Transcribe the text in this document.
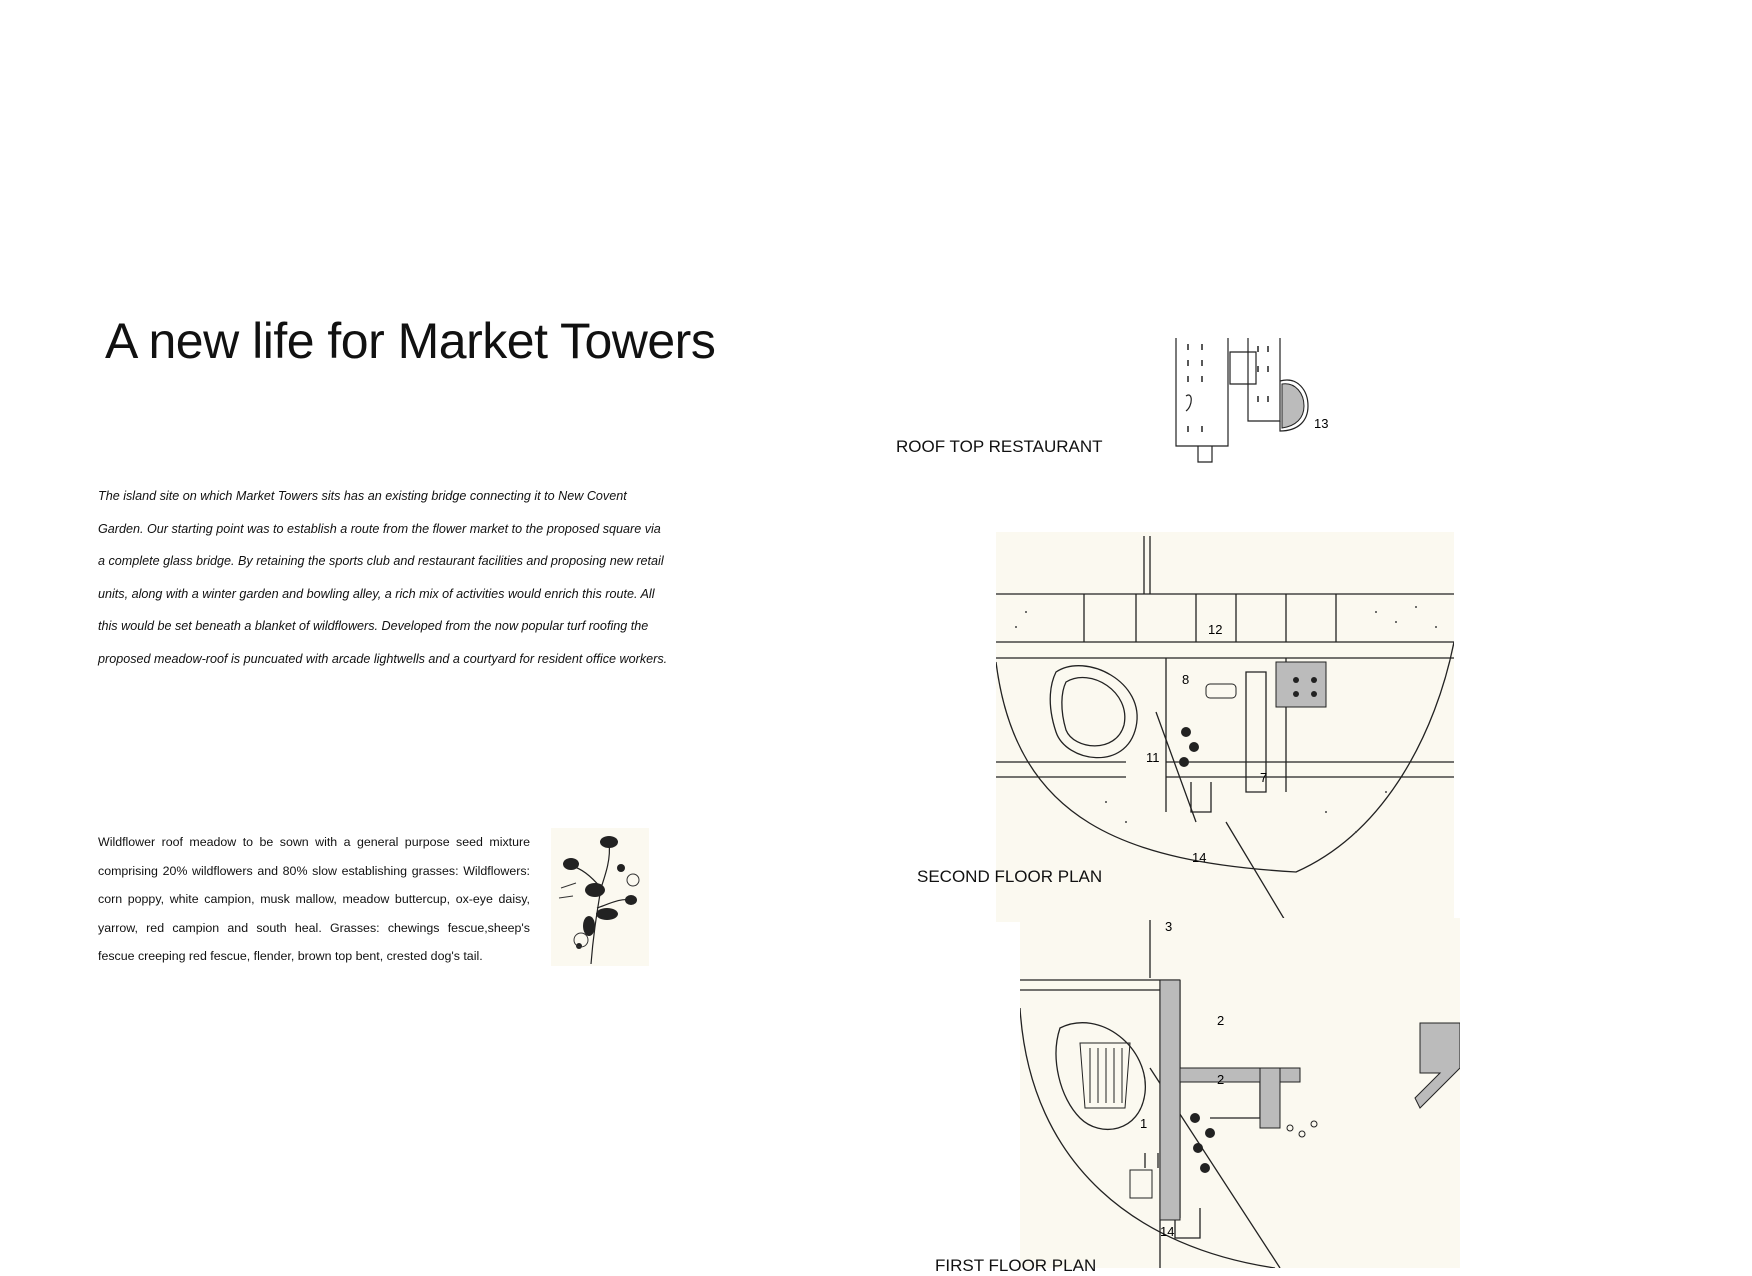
A new life for Market Towers

The island site on which Market Towers sits has an existing bridge connecting it to New Covent

Garden. Our starting point was to establish a route from the flower market to the proposed square via

a complete glass bridge. By retaining the sports club and restaurant facilities and proposing new retail

units, along with a winter garden and bowling alley, a rich mix of activities would enrich this route. All

this would be set beneath a blanket of wildflowers. Developed from the now popular turf roofing the

proposed meadow-roof is puncuated with arcade lightwells and a courtyard for resident office workers.

Wildflower roof meadow to be sown with a general purpose seed mixture

comprising 20% wildflowers and 80% slow establishing grasses: Wildflowers:

corn poppy, white campion, musk mallow, meadow buttercup, ox-eye daisy,

yarrow, red campion and south heal. Grasses: chewings fescue,sheep's

fescue creeping red fescue, flender, brown top bent, crested dog's tail.

ROOF TOP RESTAURANT
13
12
8
11
7
14
SECOND FLOOR PLAN
3
2
2
1
14
FIRST FLOOR PLAN
